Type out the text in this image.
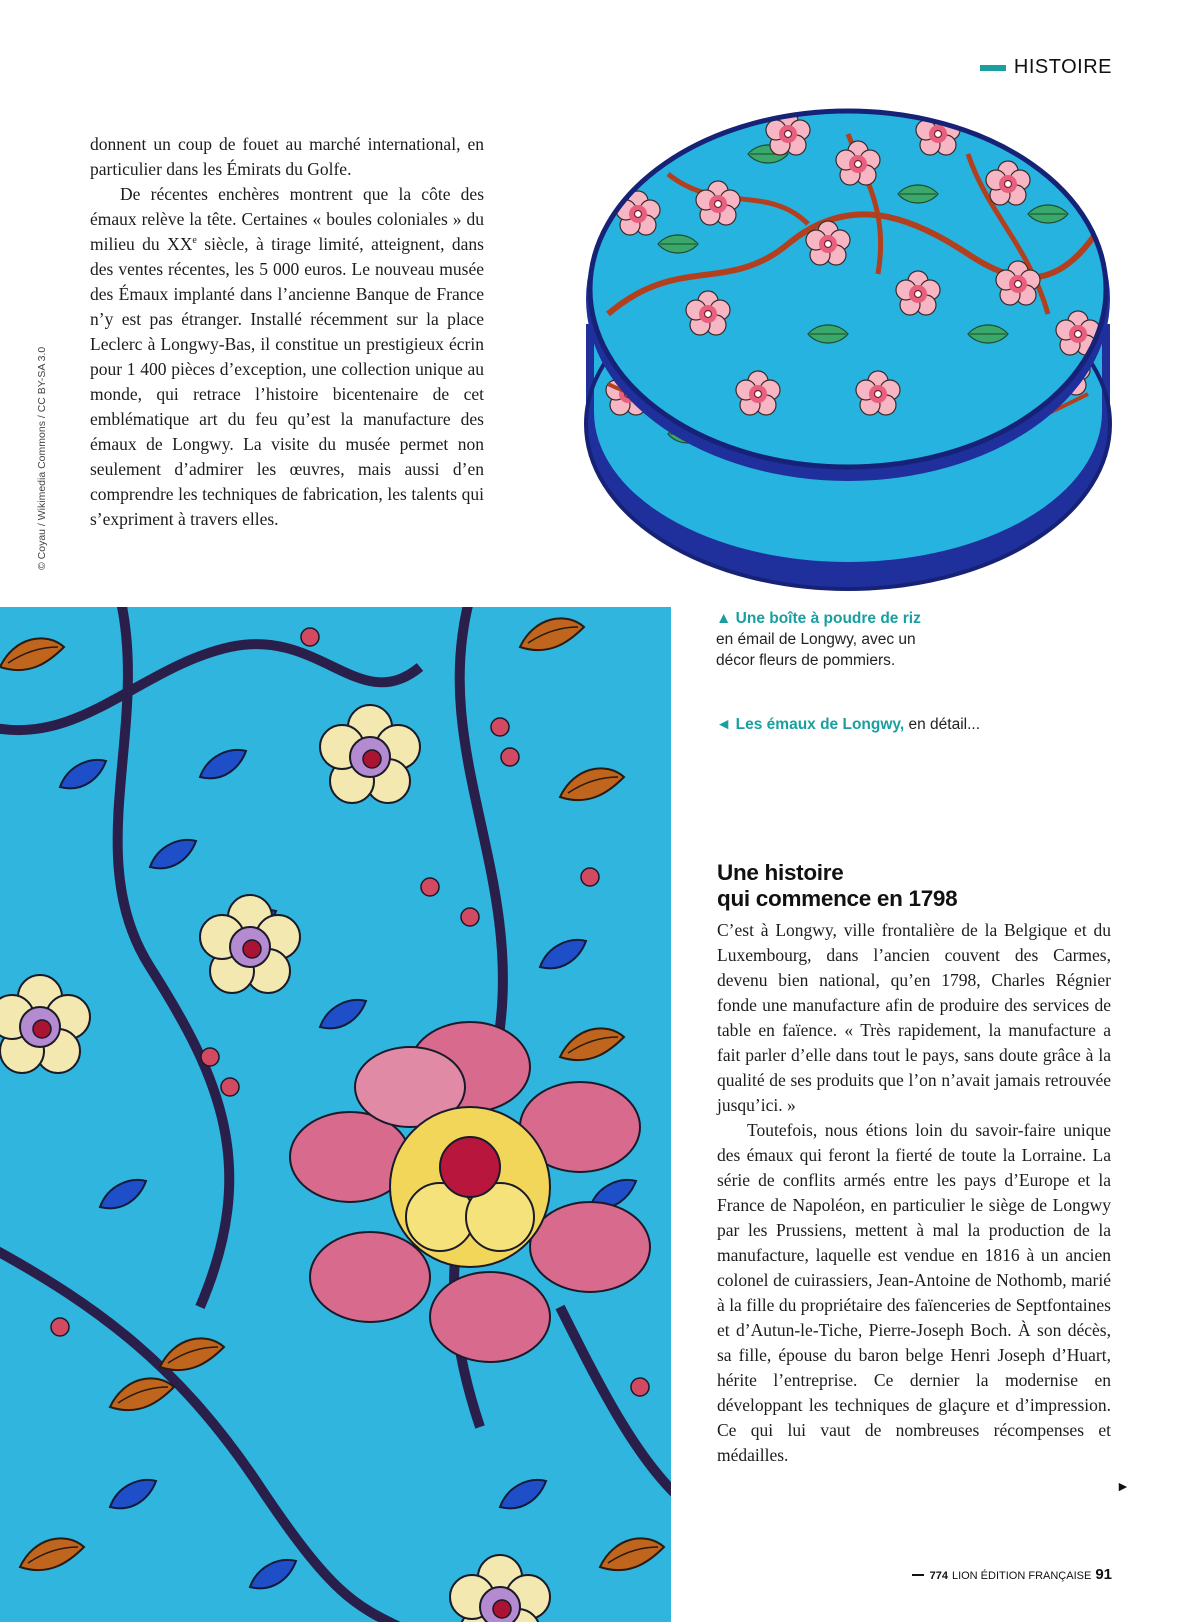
HISTOIRE
© Coyau / Wikimedia Commons / CC BY-SA 3.0

donnent un coup de fouet au marché international, en particulier dans les Émirats du Golfe.

De récentes enchères montrent que la côte des émaux relève la tête. Certaines « boules coloniales » du milieu du XXe siècle, à tirage limité, atteignent, dans des ventes récentes, les 5 000 euros. Le nouveau musée des Émaux implanté dans l’ancienne Banque de France n’y est pas étranger. Installé récemment sur la place Leclerc à Longwy-Bas, il constitue un prestigieux écrin pour 1 400 pièces d’exception, une collection unique au monde, qui retrace l’histoire bicentenaire de cet emblématique art du feu qu’est la manufacture des émaux de Longwy. La visite du musée permet non seulement d’admirer les œuvres, mais aussi d’en comprendre les techniques de fabrication, les talents qui s’expriment à travers elles.

▲ Une boîte à poudre de riz en émail de Longwy, avec un décor fleurs de pommiers.
◄ Les émaux de Longwy, en détail...
Une histoire
qui commence en 1798

C’est à Longwy, ville frontalière de la Belgique et du Luxembourg, dans l’ancien couvent des Carmes, devenu bien national, qu’en 1798, Charles Régnier fonde une manufacture afin de produire des services de table en faïence. « Très rapidement, la manufacture a fait parler d’elle dans tout le pays, sans doute grâce à la qualité de ses produits que l’on n’avait jamais retrouvée jusqu’ici. »

Toutefois, nous étions loin du savoir-faire unique des émaux qui feront la fierté de toute la Lorraine. La série de conflits armés entre les pays d’Europe et la France de Napoléon, en particulier le siège de Longwy par les Prussiens, mettent à mal la production de la manufacture, laquelle est vendue en 1816 à un ancien colonel de cuirassiers, Jean-Antoine de Nothomb, marié à la fille du propriétaire des faïenceries de Septfontaines et d’Autun-le-Tiche, Pierre-Joseph Boch. À son décès, sa fille, épouse du baron belge Henri Joseph d’Huart, hérite l’entreprise. Ce dernier la modernise en développant les techniques de glaçure et d’impression. Ce qui lui vaut de nombreuses récompenses et médailles.

►
774 LION ÉDITION FRANÇAISE 91
